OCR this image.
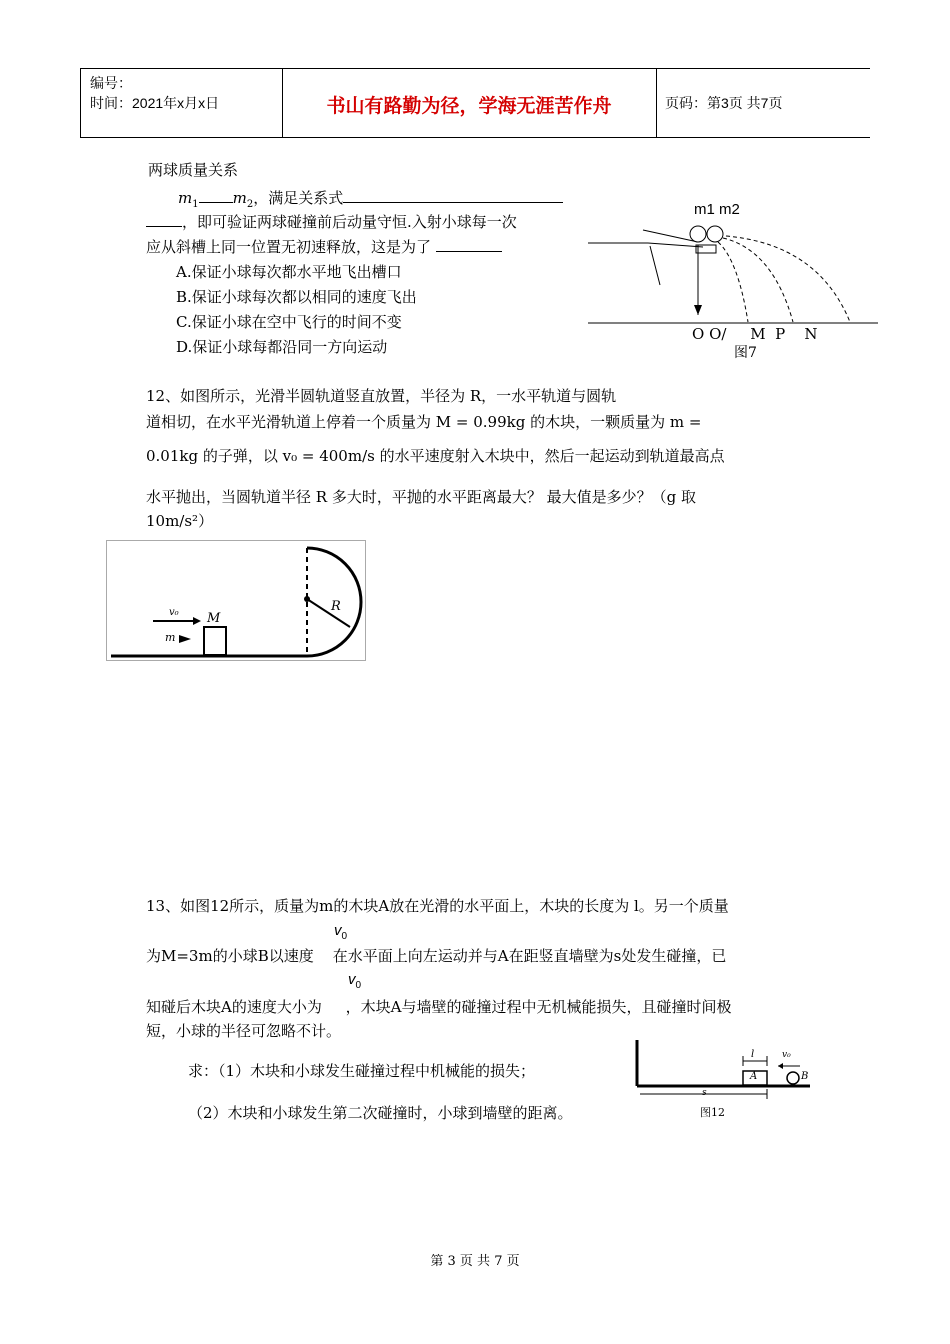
编号：
时间：2021年x月x日	书山有路勤为径，学海无涯苦作舟	页码：第3页 共7页
两球质量关系
$m_1$ $m_2$，满足关系式
，即可验证两球碰撞前后动量守恒.入射小球每一次
应从斜槽上同一位置无初速释放，这是为了
A.保证小球每次都水平地飞出槽口
B.保证小球每次都以相同的速度飞出
C.保证小球在空中飞行的时间不变
D.保证小球每都沿同一方向运动
m1 m2
O O/     M  P    N
图7
12、如图所示，光滑半圆轨道竖直放置，半径为 R，一水平轨道与圆轨
道相切，在水平光滑轨道上停着一个质量为 M = 0.99kg 的木块，一颗质量为 m =
0.01kg 的子弹，以 v₀ = 400m/s 的水平速度射入木块中，然后一起运动到轨道最高点
水平抛出，当圆轨道半径 R 多大时，平抛的水平距离最大？ 最大值是多少？（g 取
10m/s²）
v₀
m
M
R
13、如图12所示，质量为m的木块A放在光滑的水平面上，木块的长度为 l。另一个质量
$v_0$
为M=3m的小球B以速度    在水平面上向左运动并与A在距竖直墙壁为s处发生碰撞，已
$v_0$
知碰后木块A的速度大小为     ，木块A与墙壁的碰撞过程中无机械能损失，且碰撞时间极
短，小球的半径可忽略不计。
求：（1）木块和小球发生碰撞过程中机械能的损失；
（2）木块和小球发生第二次碰撞时，小球到墙壁的距离。
l	v₀
A	B
s
图12
第 3 页 共 7 页
